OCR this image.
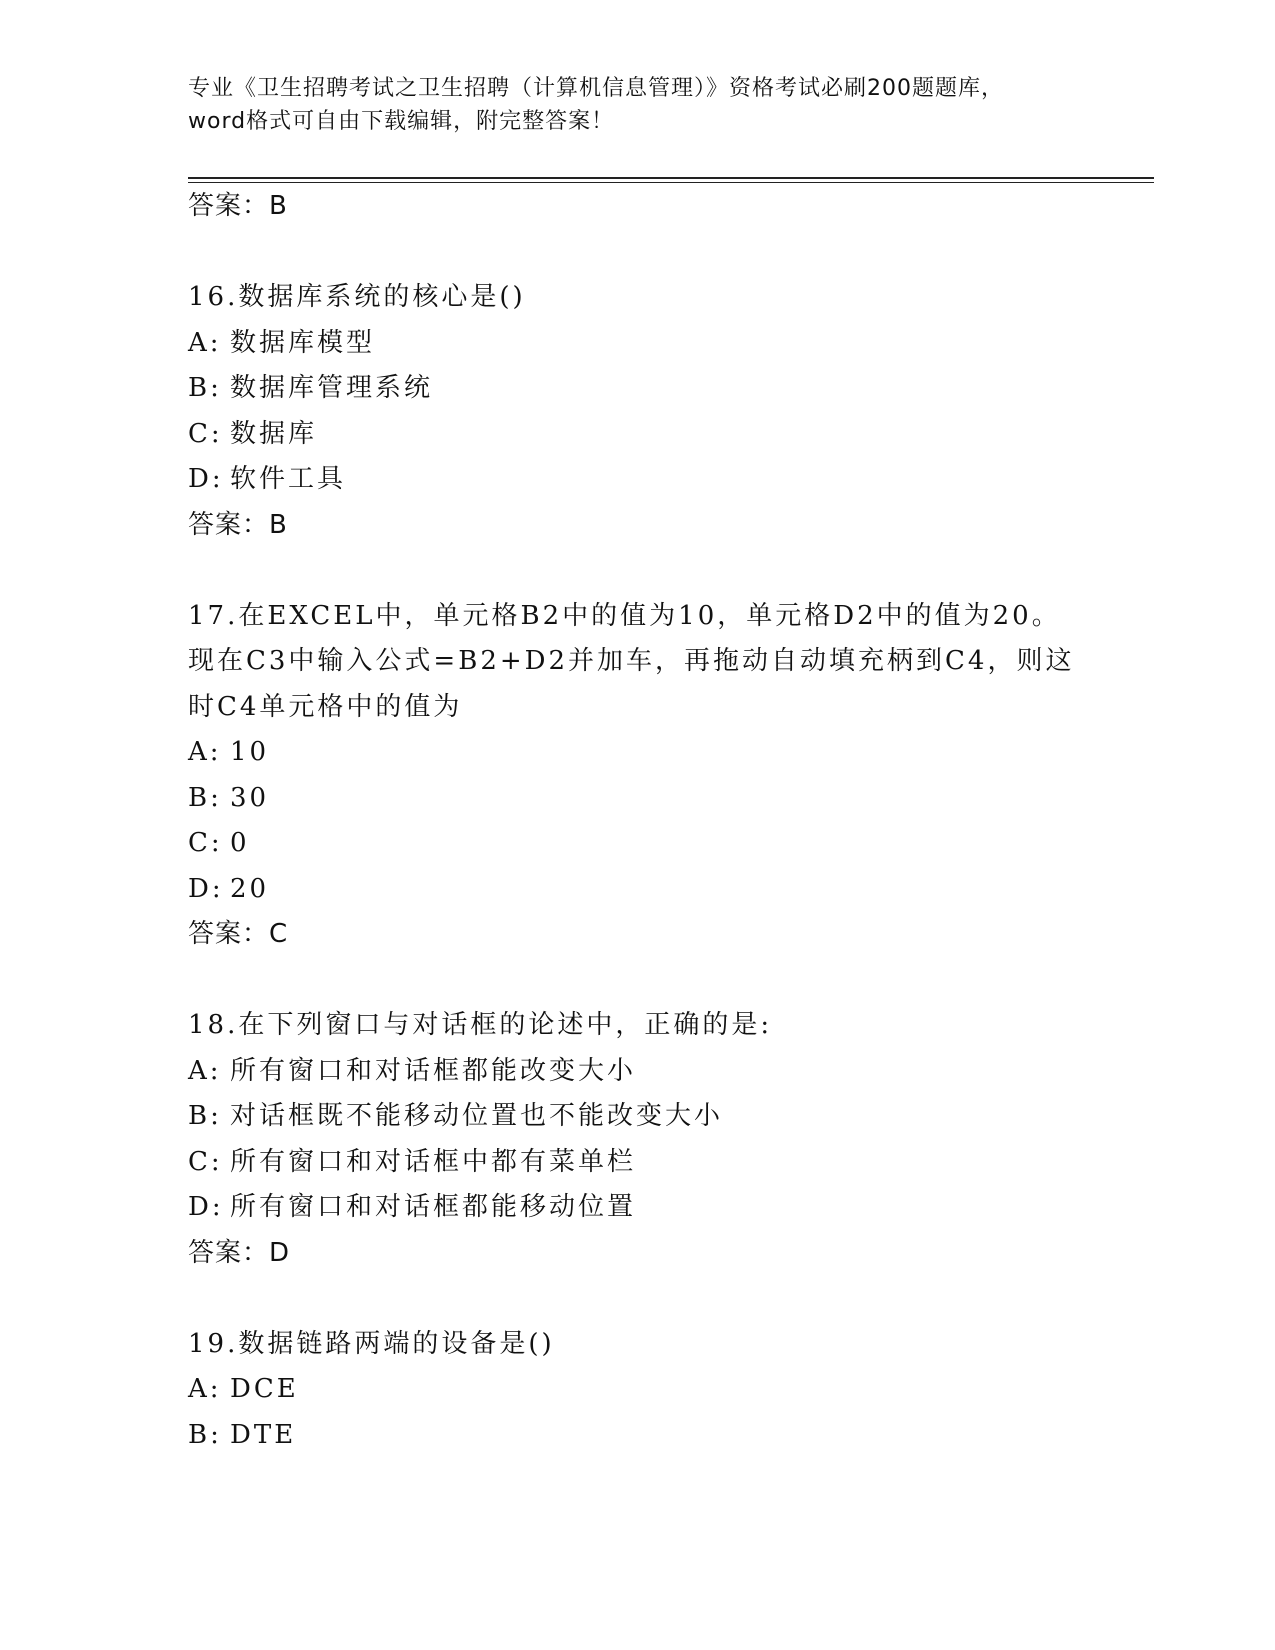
专业《卫生招聘考试之卫生招聘（计算机信息管理）》资格考试必刷200题题库，
word格式可自由下载编辑，附完整答案！
答案：B
16.数据库系统的核心是()
A: 数据库模型
B: 数据库管理系统
C: 数据库
D: 软件工具
答案：B
17.在EXCEL中，单元格B2中的值为10，单元格D2中的值为20。现在C3中输入公式=B2+D2并加车，再拖动自动填充柄到C4，则这时C4单元格中的值为
A: 10
B: 30
C: 0
D: 20
答案：C
18.在下列窗口与对话框的论述中，正确的是:
A: 所有窗口和对话框都能改变大小
B: 对话框既不能移动位置也不能改变大小
C: 所有窗口和对话框中都有菜单栏
D: 所有窗口和对话框都能移动位置
答案：D
19.数据链路两端的设备是()
A: DCE
B: DTE
